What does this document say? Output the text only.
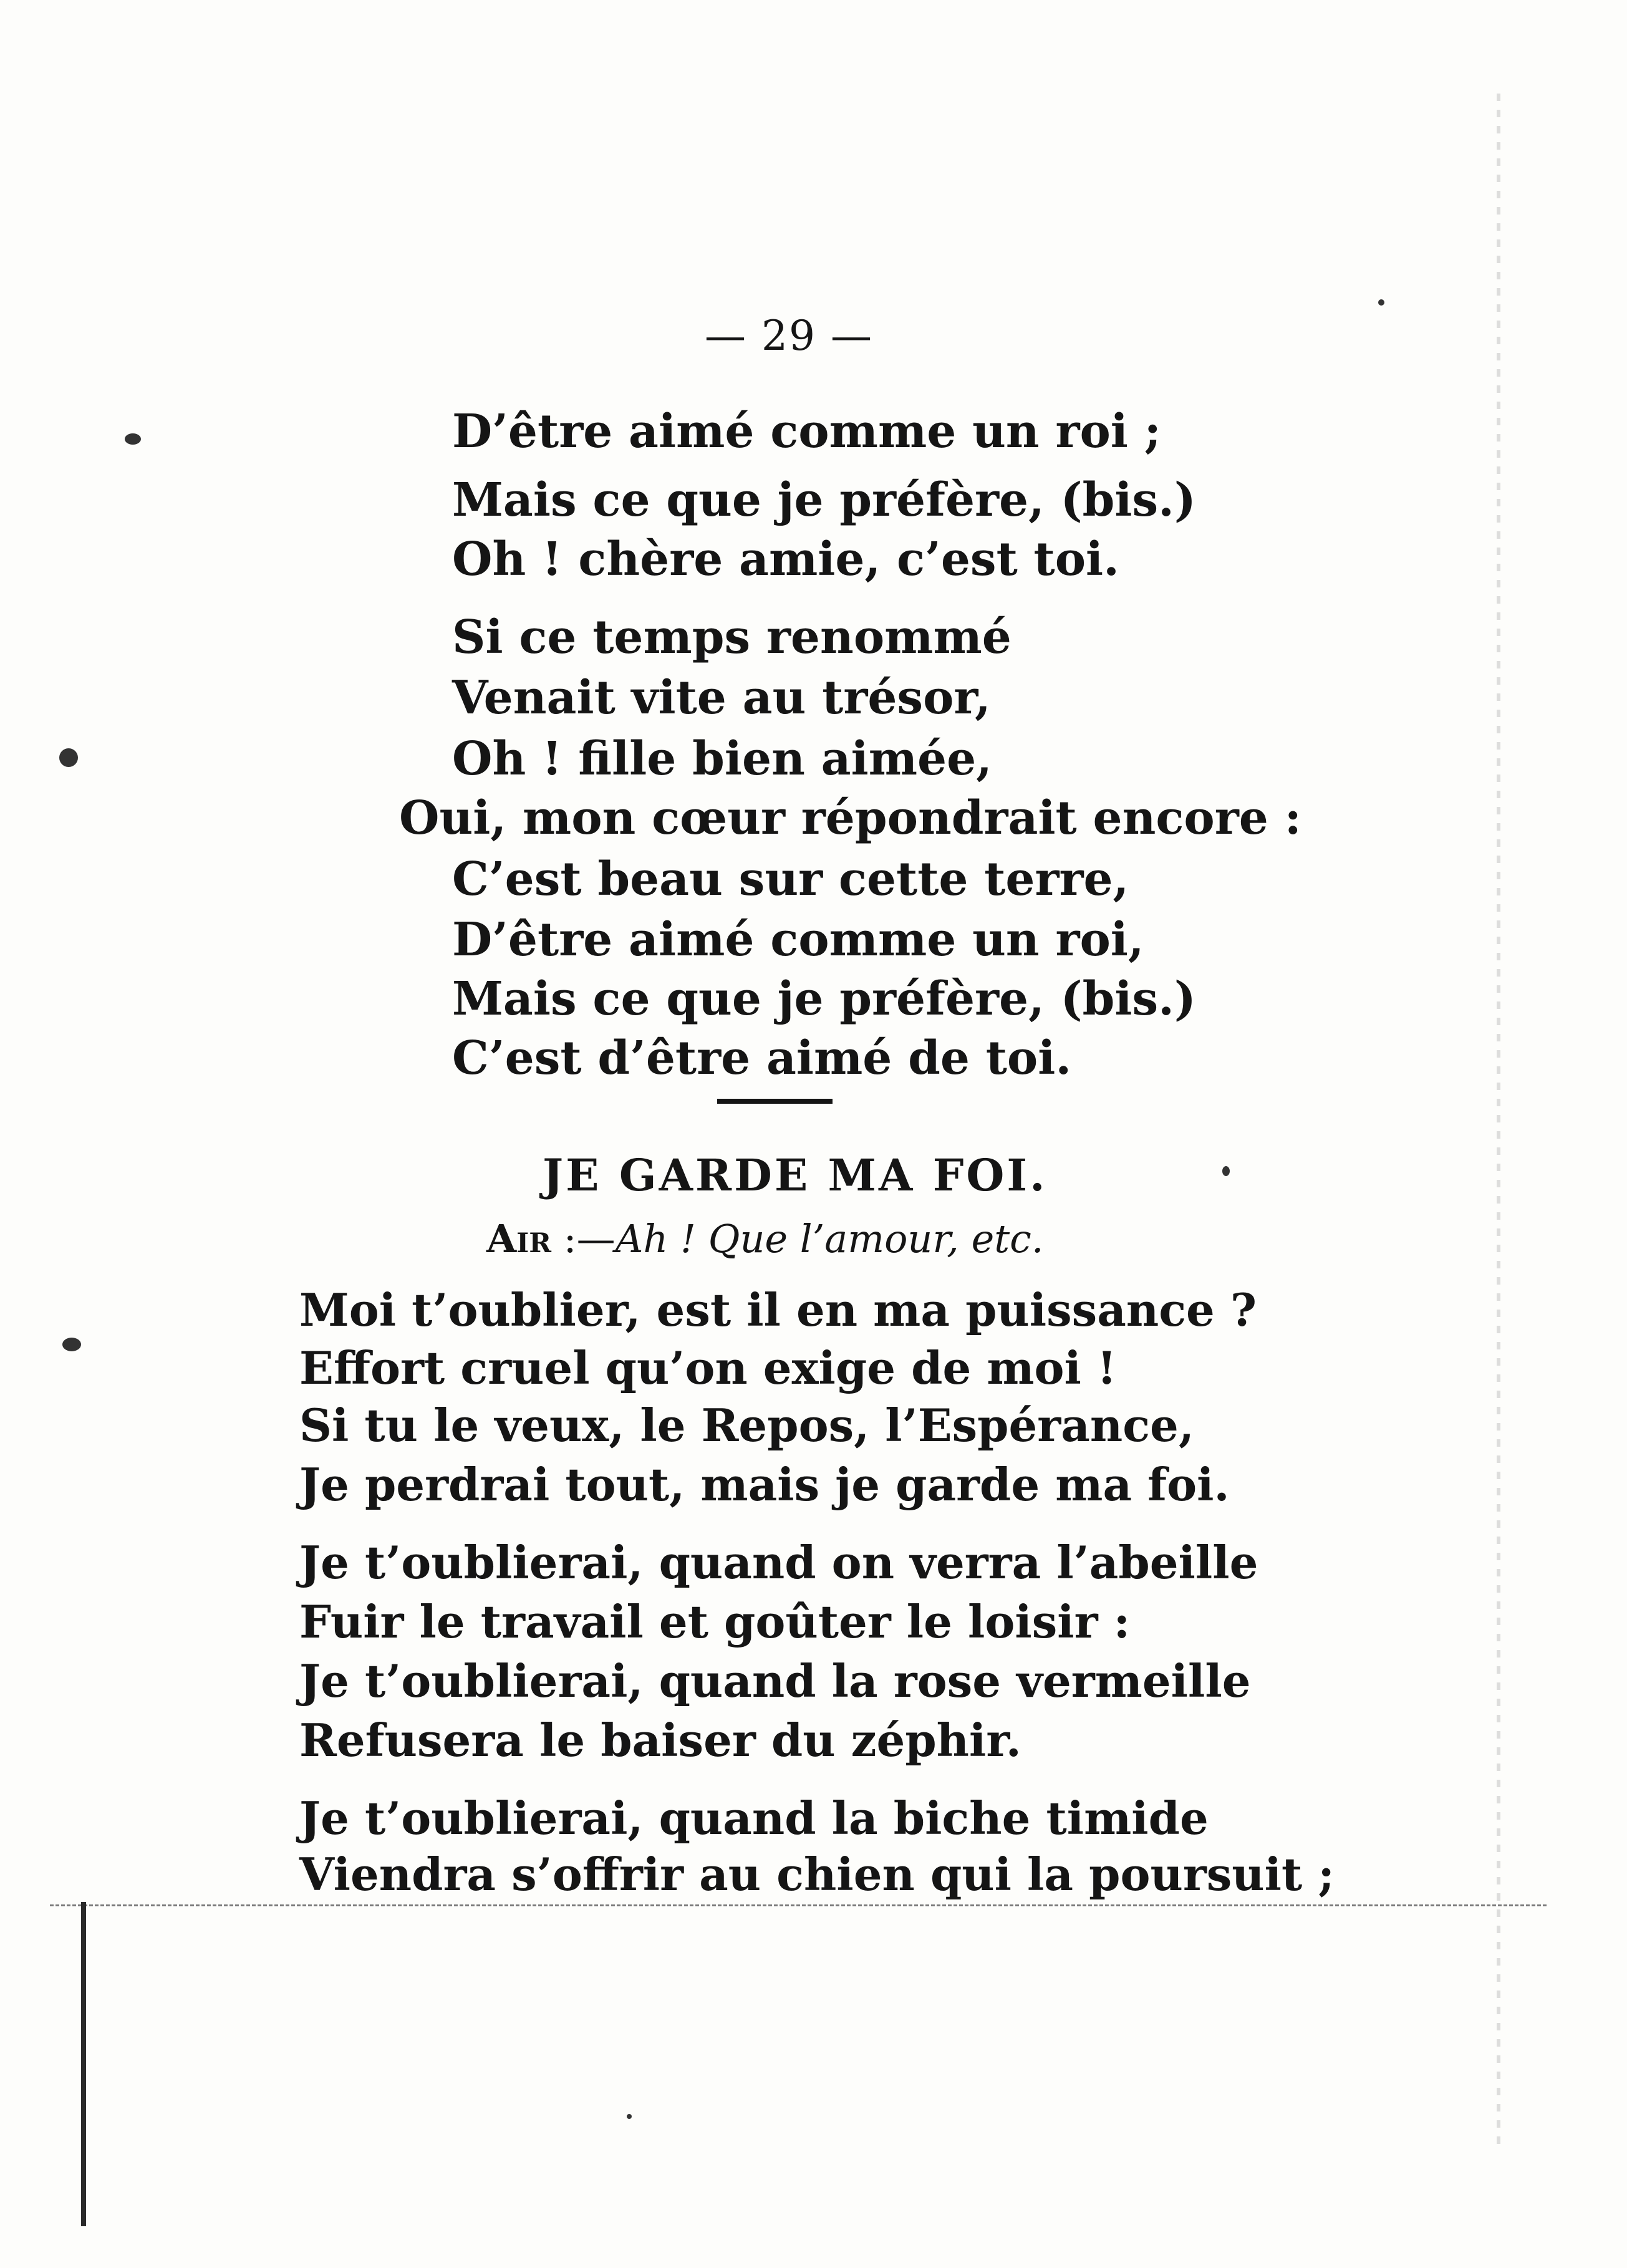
— 29 —
D’être aimé comme un roi ;
Mais ce que je préfère, (bis.)
Oh ! chère amie, c’est toi.
Si ce temps renommé
Venait vite au trésor,
Oh ! fille bien aimée,
Oui, mon cœur répondrait encore :
C’est beau sur cette terre,
D’être aimé comme un roi,
Mais ce que je préfère, (bis.)
C’est d’être aimé de toi.
JE GARDE MA FOI.
Air :—Ah ! Que l’amour, etc.
Moi t’oublier, est il en ma puissance ?
Effort cruel qu’on exige de moi !
Si tu le veux, le Repos, l’Espérance,
Je perdrai tout, mais je garde ma foi.
Je t’oublierai, quand on verra l’abeille
Fuir le travail et goûter le loisir :
Je t’oublierai, quand la rose vermeille
Refusera le baiser du zéphir.
Je t’oublierai, quand la biche timide
Viendra s’offrir au chien qui la poursuit ;
